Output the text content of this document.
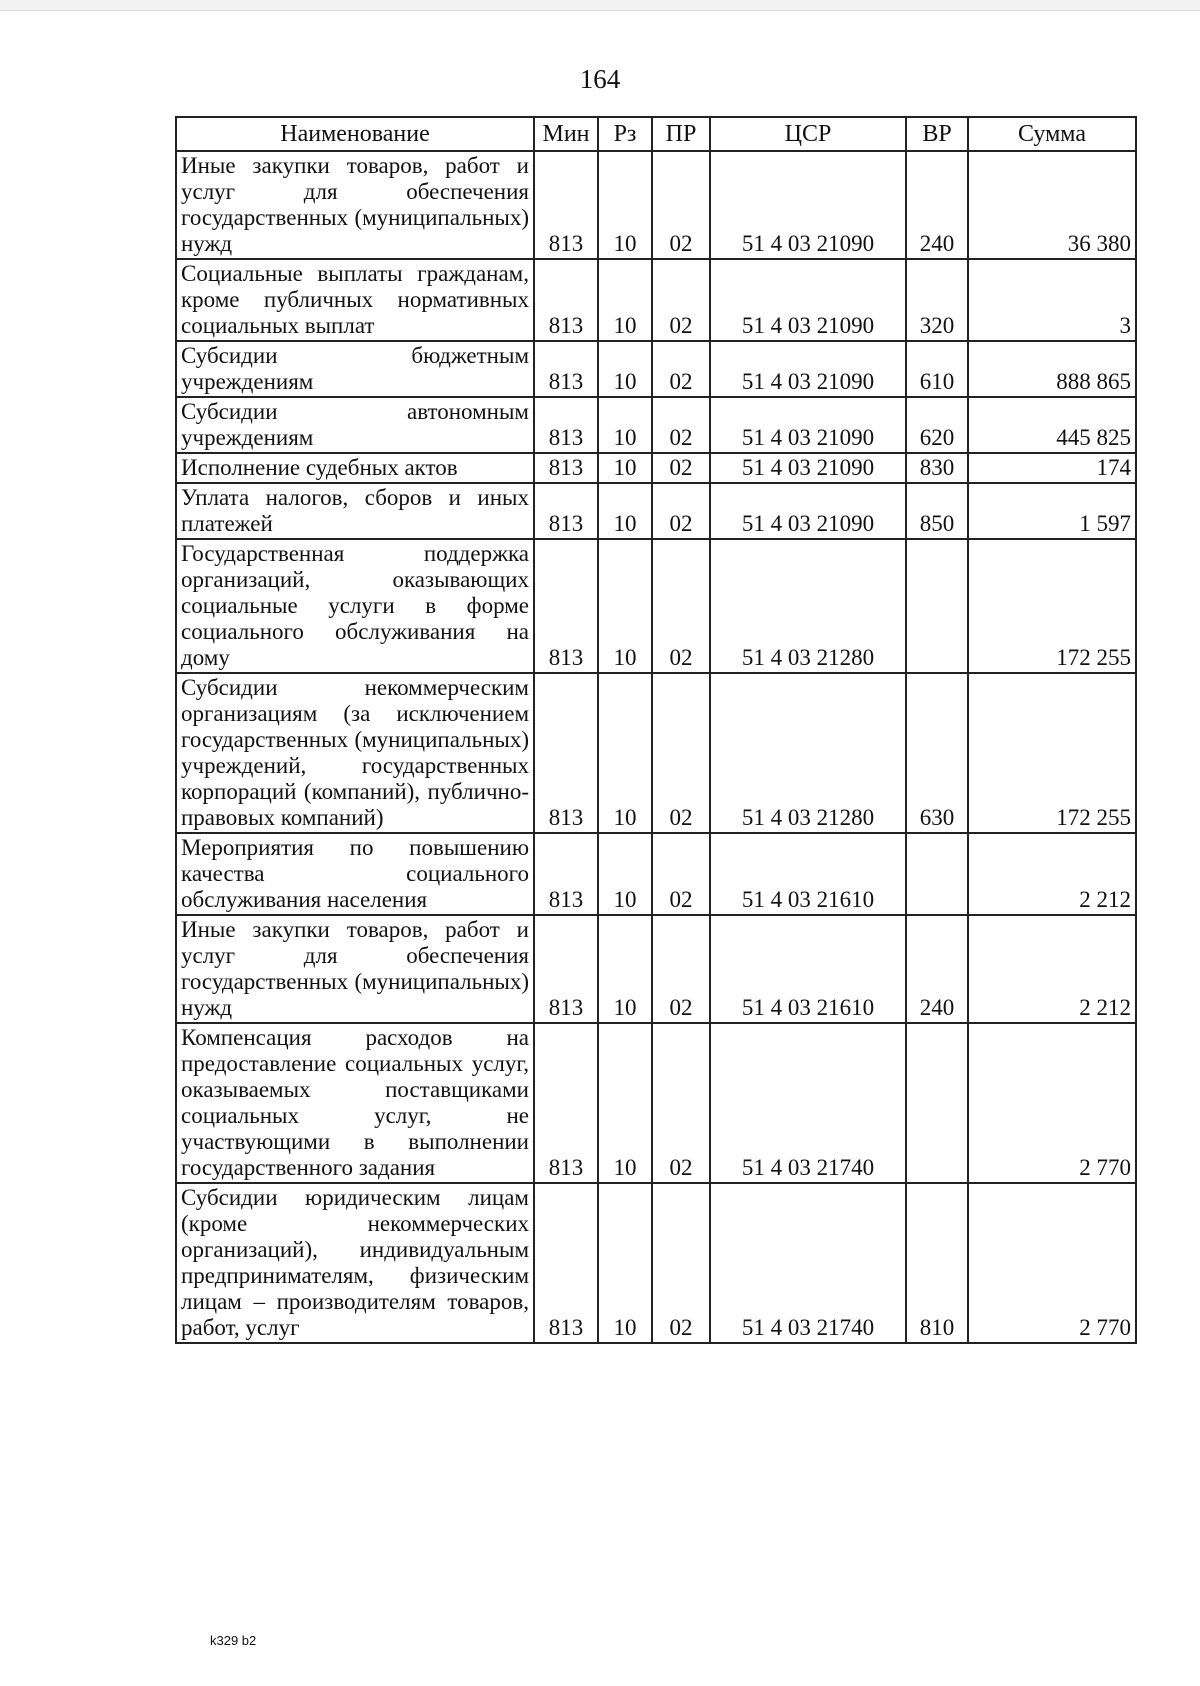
164
Наименование	Мин	Рз	ПР	ЦСР	ВР	Сумма
Иные закупки товаров, работ и услуг для обеспечения государственных (муниципальных) нужд	813	10	02	51 4 03 21090	240	36 380
Социальные выплаты гражданам, кроме публичных нормативных социальных выплат	813	10	02	51 4 03 21090	320	3
Субсидии бюджетным учреждениям	813	10	02	51 4 03 21090	610	888 865
Субсидии автономным учреждениям	813	10	02	51 4 03 21090	620	445 825
Исполнение судебных актов	813	10	02	51 4 03 21090	830	174
Уплата налогов, сборов и иных платежей	813	10	02	51 4 03 21090	850	1 597
Государственная поддержка организаций, оказывающих социальные услуги в форме социального обслуживания на дому	813	10	02	51 4 03 21280		172 255
Субсидии некоммерческим организациям (за исключением государственных (муниципальных) учреждений, государственных корпораций (компаний), публично-правовых компаний)	813	10	02	51 4 03 21280	630	172 255
Мероприятия по повышению качества социального обслуживания населения	813	10	02	51 4 03 21610		2 212
Иные закупки товаров, работ и услуг для обеспечения государственных (муниципальных) нужд	813	10	02	51 4 03 21610	240	2 212
Компенсация расходов на предоставление социальных услуг, оказываемых поставщиками социальных услуг, не участвующими в выполнении государственного задания	813	10	02	51 4 03 21740		2 770
Субсидии юридическим лицам (кроме некоммерческих организаций), индивидуальным предпринимателям, физическим лицам – производителям товаров, работ, услуг	813	10	02	51 4 03 21740	810	2 770
k329 b2
